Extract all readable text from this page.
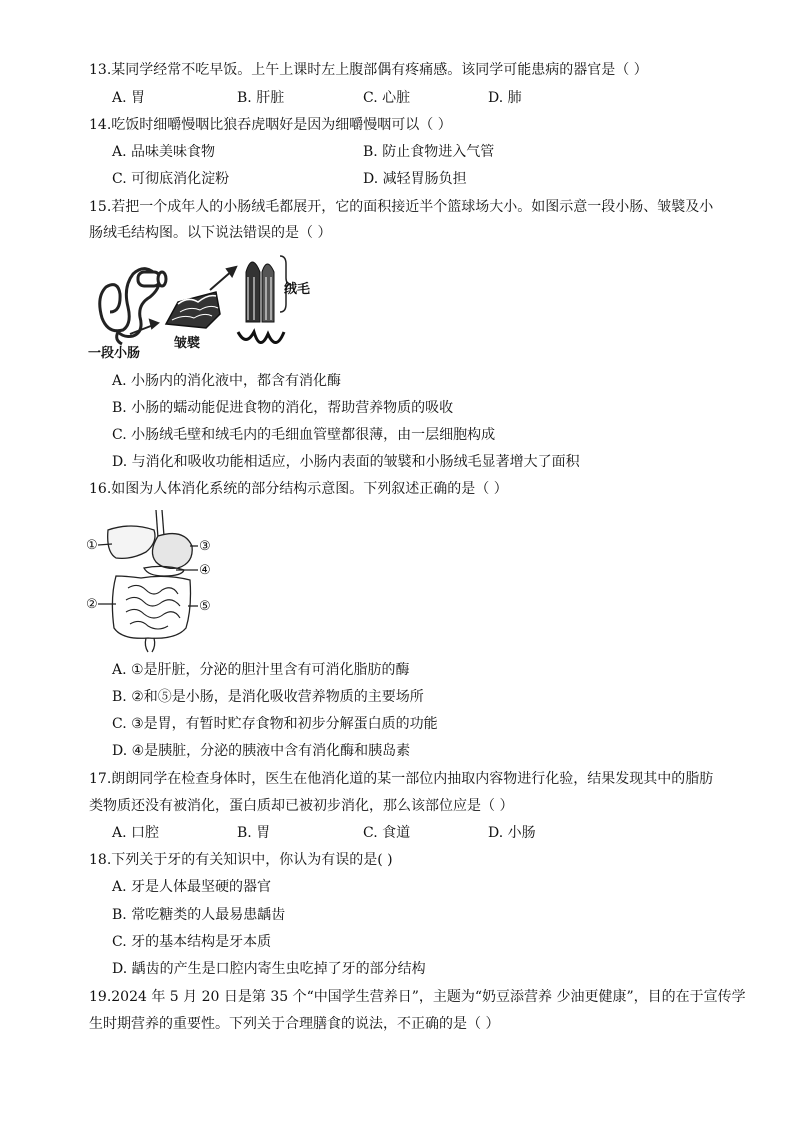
13.某同学经常不吃早饭。上午上课时左上腹部偶有疼痛感。该同学可能患病的器官是（ ）
A. 胃	B. 肝脏	C. 心脏	D. 肺
14.吃饭时细嚼慢咽比狼吞虎咽好是因为细嚼慢咽可以（ ）
A. 品味美味食物	B. 防止食物进入气管
C. 可彻底消化淀粉	D. 减轻胃肠负担
15.若把一个成年人的小肠绒毛都展开，它的面积接近半个篮球场大小。如图示意一段小肠、皱襞及小
肠绒毛结构图。以下说法错误的是（ ）
绒毛
皱襞
一段小肠
A. 小肠内的消化液中，都含有消化酶
B. 小肠的蠕动能促进食物的消化，帮助营养物质的吸收
C. 小肠绒毛壁和绒毛内的毛细血管壁都很薄，由一层细胞构成
D. 与消化和吸收功能相适应，小肠内表面的皱襞和小肠绒毛显著增大了面积
16.如图为人体消化系统的部分结构示意图。下列叙述正确的是（ ）
①
②
③
④
⑤
A. ①是肝脏，分泌的胆汁里含有可消化脂肪的酶
B. ②和⑤是小肠，是消化吸收营养物质的主要场所
C. ③是胃，有暂时贮存食物和初步分解蛋白质的功能
D. ④是胰脏，分泌的胰液中含有消化酶和胰岛素
17.朗朗同学在检查身体时，医生在他消化道的某一部位内抽取内容物进行化验，结果发现其中的脂肪
类物质还没有被消化，蛋白质却已被初步消化，那么该部位应是（ ）
A. 口腔	B. 胃	C. 食道	D. 小肠
18.下列关于牙的有关知识中，你认为有误的是( )
A. 牙是人体最坚硬的器官
B. 常吃糖类的人最易患龋齿
C. 牙的基本结构是牙本质
D. 龋齿的产生是口腔内寄生虫吃掉了牙的部分结构
19.2024 年 5 月 20 日是第 35 个“中国学生营养日”，主题为“奶豆添营养 少油更健康”，目的在于宣传学
生时期营养的重要性。下列关于合理膳食的说法，不正确的是（ ）
